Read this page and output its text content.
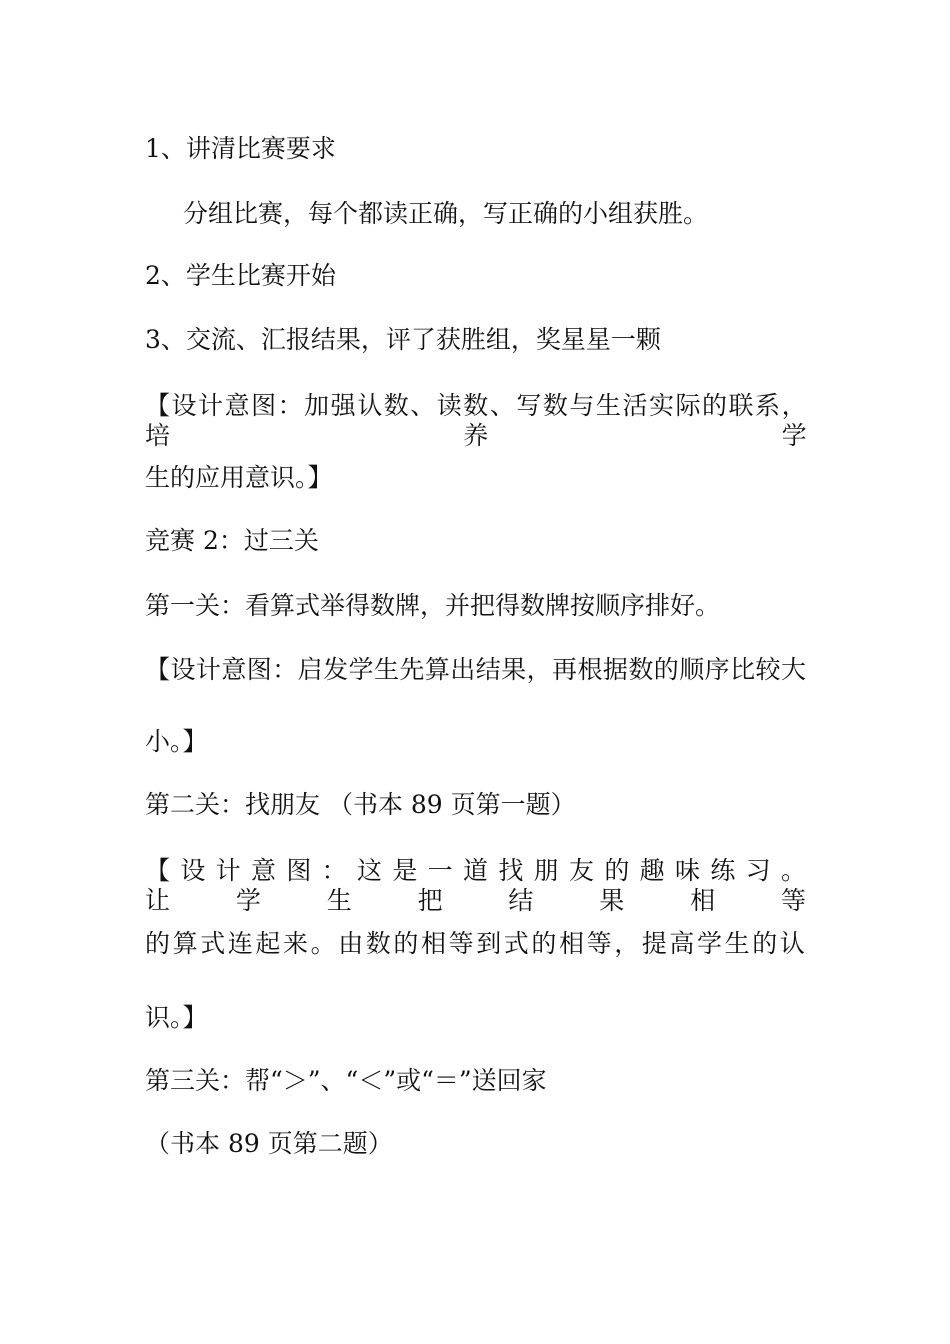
1、讲清比赛要求
分组比赛，每个都读正确，写正确的小组获胜。
2、学生比赛开始
3、交流、汇报结果，评了获胜组，奖星星一颗
【设计意图：加强认数、读数、写数与生活实际的联系，培养学
生的应用意识。】
竞赛 2：过三关
第一关：看算式举得数牌，并把得数牌按顺序排好。
【设计意图：启发学生先算出结果，再根据数的顺序比较大
小。】
第二关：找朋友 （书本 89 页第一题）
【设计意图：这是一道找朋友的趣味练习。让学生把结果相等
的算式连起来。由数的相等到式的相等，提高学生的认
识。】
第三关：帮“＞”、“＜”或“＝”送回家
（书本 89 页第二题）
